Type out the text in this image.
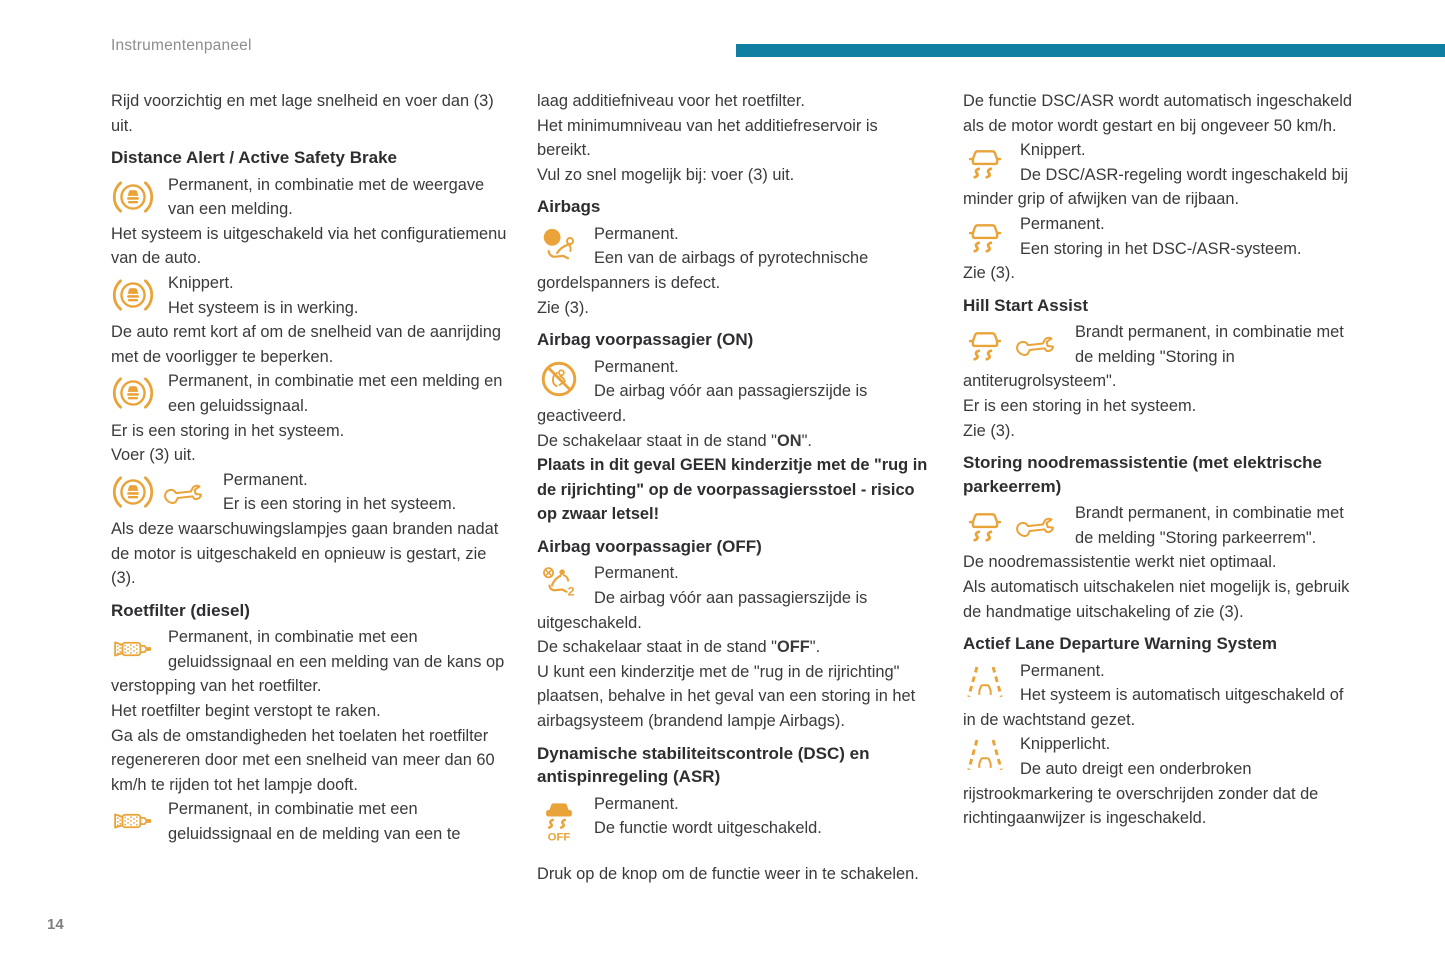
Instrumentenpaneel

Rijd voorzichtig en met lage snelheid en voer dan (3) uit.

Distance Alert / Active Safety Brake
Permanent, in combinatie met de weergave van een melding.

Het systeem is uitgeschakeld via het configuratiemenu van de auto.

Knippert.
Het systeem is in werking.

De auto remt kort af om de snelheid van de aanrijding met de voorligger te beperken.

Permanent, in combinatie met een melding en een geluidssignaal.

Er is een storing in het systeem.

Voer (3) uit.

Permanent.
Er is een storing in het systeem.

Als deze waarschuwingslampjes gaan branden nadat de motor is uitgeschakeld en opnieuw is gestart, zie (3).

Roetfilter (diesel)
Permanent, in combinatie met een geluidssignaal en een melding van de kans op verstopping van het roetfilter.

Het roetfilter begint verstopt te raken.

Ga als de omstandigheden het toelaten het roetfilter regenereren door met een snelheid van meer dan 60 km/h te rijden tot het lampje dooft.

Permanent, in combinatie met een geluidssignaal en de melding van een te

laag additiefniveau voor het roetfilter.

Het minimumniveau van het additiefreservoir is bereikt.

Vul zo snel mogelijk bij: voer (3) uit.

Airbags
Permanent.
Een van de airbags of pyrotechnische gordelspanners is defect.

Zie (3).

Airbag voorpassagier (ON)
Permanent.
De airbag vóór aan passagierszijde is geactiveerd.

De schakelaar staat in de stand "ON".

Plaats in dit geval GEEN kinderzitje met de "rug in de rijrichting" op de voorpassagiersstoel - risico op zwaar letsel!

Airbag voorpassagier (OFF)
Permanent.
De airbag vóór aan passagierszijde is uitgeschakeld.

De schakelaar staat in de stand "OFF".

U kunt een kinderzitje met de "rug in de rijrichting" plaatsen, behalve in het geval van een storing in het airbagsysteem (brandend lampje Airbags).

Dynamische stabiliteitscontrole (DSC) en antispinregeling (ASR)
Permanent.
De functie wordt uitgeschakeld.

Druk op de knop om de functie weer in te schakelen.

De functie DSC/ASR wordt automatisch ingeschakeld als de motor wordt gestart en bij ongeveer 50 km/h.

Knippert.
De DSC/ASR-regeling wordt ingeschakeld bij minder grip of afwijken van de rijbaan.
Permanent.
Een storing in het DSC-/ASR-systeem.

Zie (3).

Hill Start Assist
Brandt permanent, in combinatie met de melding "Storing in antiterugrolsysteem".

Er is een storing in het systeem.

Zie (3).

Storing noodremassistentie (met elektrische parkeerrem)
Brandt permanent, in combinatie met de melding "Storing parkeerrem".

De noodremassistentie werkt niet optimaal.

Als automatisch uitschakelen niet mogelijk is, gebruik de handmatige uitschakeling of zie (3).

Actief Lane Departure Warning System
Permanent.
Het systeem is automatisch uitgeschakeld of in de wachtstand gezet.
Knipperlicht.
De auto dreigt een onderbroken rijstrookmarkering te overschrijden zonder dat de richtingaanwijzer is ingeschakeld.
14
